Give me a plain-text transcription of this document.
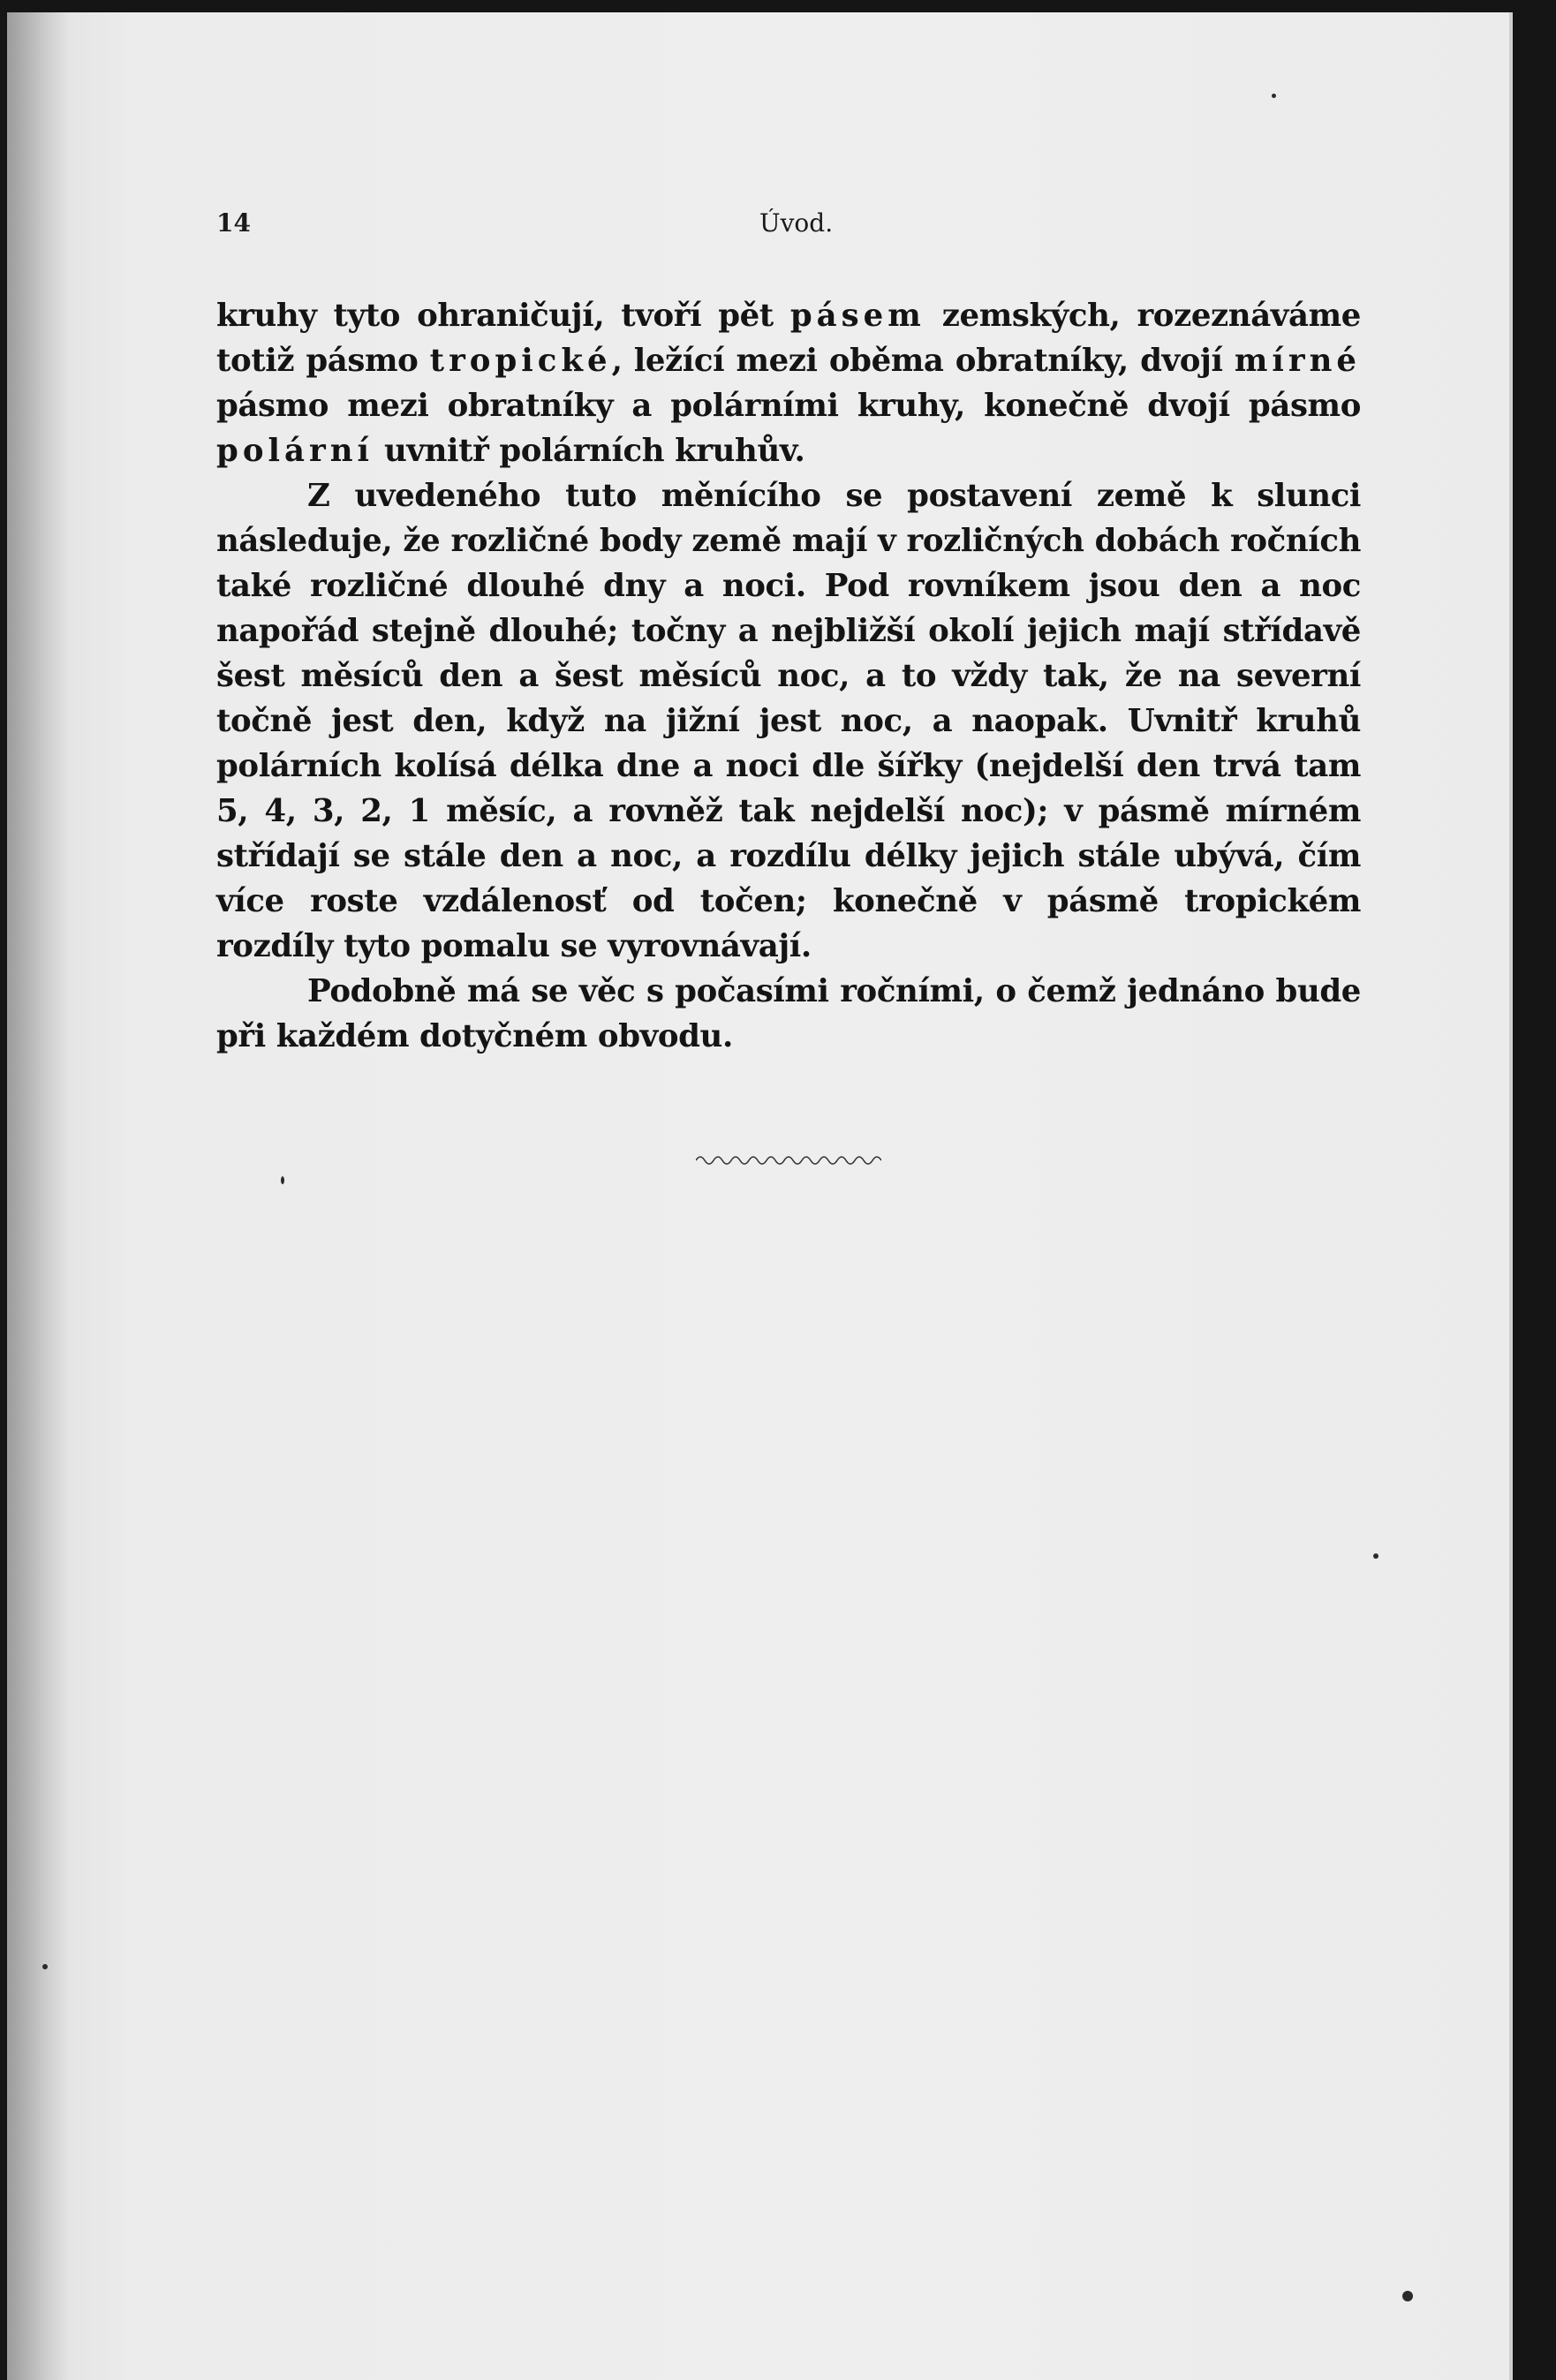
14	Úvod.

kruhy tyto ohraničují, tvoří pět pásem zemských, rozeznáváme totiž pásmo tropické, ležící mezi oběma obratníky, dvojí mírné pásmo mezi obratníky a polárními kruhy, konečně dvojí pásmo polární uvnitř polárních kruhův.

Z uvedeného tuto měnícího se postavení země k slunci následuje, že rozličné body země mají v rozličných dobách ročních také rozličné dlouhé dny a noci. Pod rovníkem jsou den a noc napořád stejně dlouhé; točny a nejbližší okolí jejich mají střídavě šest měsíců den a šest měsíců noc, a to vždy tak, že na severní točně jest den, když na jižní jest noc, a naopak. Uvnitř kruhů polárních kolísá délka dne a noci dle šířky (nejdelší den trvá tam 5, 4, 3, 2, 1 měsíc, a rovněž tak nejdelší noc); v pásmě mírném střídají se stále den a noc, a rozdílu délky jejich stále ubývá, čím více roste vzdálenosť od točen; konečně v pásmě tropickém rozdíly tyto pomalu se vyrovnávají.

Podobně má se věc s počasími ročními, o čemž jednáno bude při každém dotyčném obvodu.
